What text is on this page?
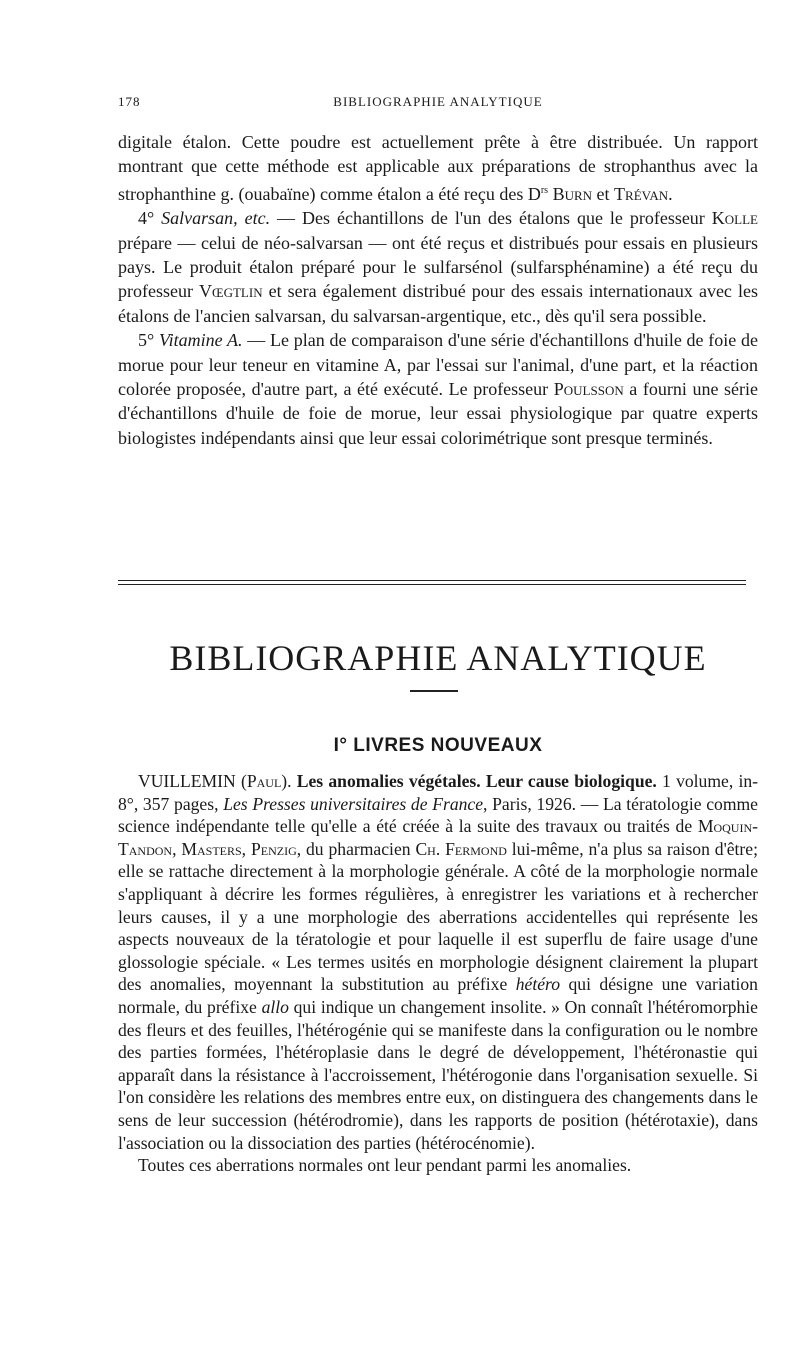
178	BIBLIOGRAPHIE ANALYTIQUE

digitale étalon. Cette poudre est actuellement prête à être distribuée. Un rapport montrant que cette méthode est applicable aux préparations de strophanthus avec la strophanthine g. (ouabaïne) comme étalon a été reçu des $D^{rs}$ Burn et Trévan.

4° Salvarsan, etc. — Des échantillons de l'un des étalons que le professeur Kolle prépare — celui de néo-salvarsan — ont été reçus et distribués pour essais en plusieurs pays. Le produit étalon préparé pour le sulfarsénol (sulfarsphénamine) a été reçu du professeur Vœgtlin et sera également distribué pour des essais internationaux avec les étalons de l'ancien salvarsan, du salvarsan-argentique, etc., dès qu'il sera possible.

5° Vitamine A. — Le plan de comparaison d'une série d'échantillons d'huile de foie de morue pour leur teneur en vitamine A, par l'essai sur l'animal, d'une part, et la réaction colorée proposée, d'autre part, a été exécuté. Le professeur Poulsson a fourni une série d'échantillons d'huile de foie de morue, leur essai physiologique par quatre experts biologistes indépendants ainsi que leur essai colorimétrique sont presque terminés.

BIBLIOGRAPHIE ANALYTIQUE
I° LIVRES NOUVEAUX

VUILLEMIN (Paul). Les anomalies végétales. Leur cause biologique. 1 volume, in-8°, 357 pages, Les Presses universitaires de France, Paris, 1926. — La tératologie comme science indépendante telle qu'elle a été créée à la suite des travaux ou traités de Moquin-Tandon, Masters, Penzig, du pharmacien Ch. Fermond lui-même, n'a plus sa raison d'être; elle se rattache directement à la morphologie générale. A côté de la morphologie normale s'appliquant à décrire les formes régulières, à enregistrer les variations et à rechercher leurs causes, il y a une morphologie des aberrations accidentelles qui représente les aspects nouveaux de la tératologie et pour laquelle il est superflu de faire usage d'une glossologie spéciale. « Les termes usités en morphologie désignent clairement la plupart des anomalies, moyennant la substitution au préfixe hétéro qui désigne une variation normale, du préfixe allo qui indique un changement insolite. » On connaît l'hétéromorphie des fleurs et des feuilles, l'hétérogénie qui se manifeste dans la configuration ou le nombre des parties formées, l'hétéroplasie dans le degré de développement, l'hétéronastie qui apparaît dans la résistance à l'accroissement, l'hétérogonie dans l'organisation sexuelle. Si l'on considère les relations des membres entre eux, on distinguera des changements dans le sens de leur succession (hétérodromie), dans les rapports de position (hétérotaxie), dans l'association ou la dissociation des parties (hétérocénomie).

Toutes ces aberrations normales ont leur pendant parmi les anomalies.
